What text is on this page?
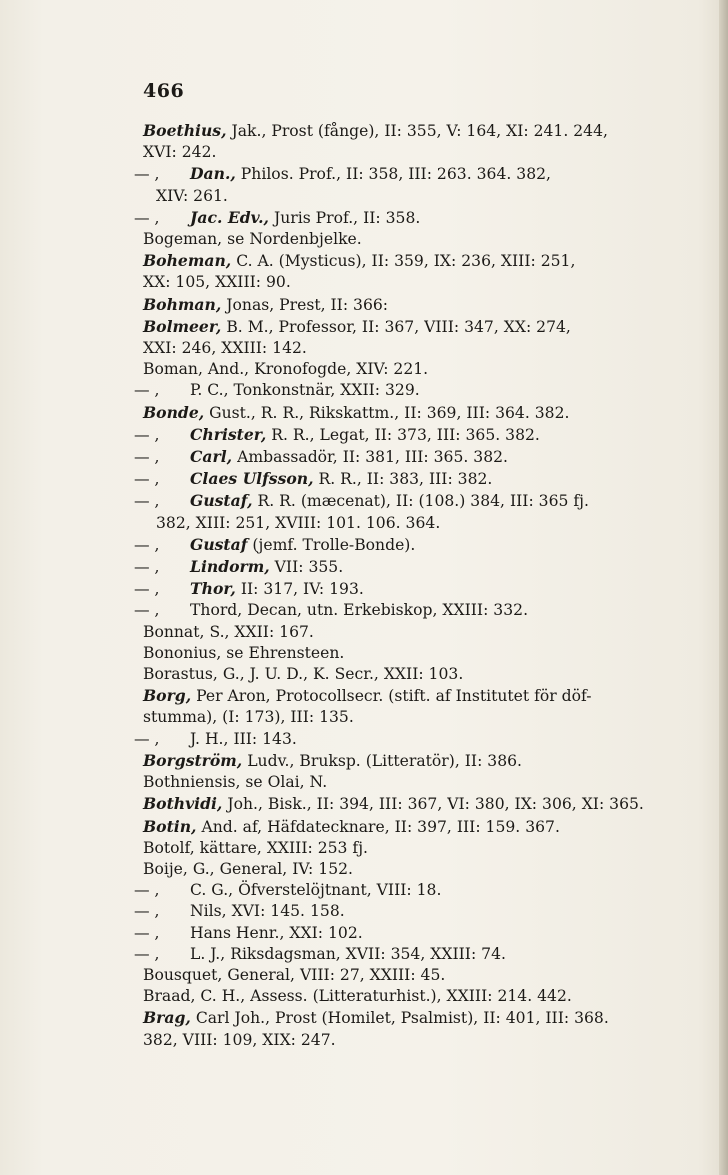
466
Boethius, Jak., Prost (fånge), II: 355, V: 164, XI: 241. 244,
XVI: 242.
— , Dan., Philos. Prof., II: 358, III: 263. 364. 382,
XIV: 261.
— , Jac. Edv., Juris Prof., II: 358.
Bogeman, se Nordenbjelke.
Boheman, C. A. (Mysticus), II: 359, IX: 236, XIII: 251,
XX: 105, XXIII: 90.
Bohman, Jonas, Prest, II: 366:
Bolmeer, B. M., Professor, II: 367, VIII: 347, XX: 274,
XXI: 246, XXIII: 142.
Boman, And., Kronofogde, XIV: 221.
— , P. C., Tonkonstnär, XXII: 329.
Bonde, Gust., R. R., Rikskattm., II: 369, III: 364. 382.
— , Christer, R. R., Legat, II: 373, III: 365. 382.
— , Carl, Ambassadör, II: 381, III: 365. 382.
— , Claes Ulfsson, R. R., II: 383, III: 382.
— , Gustaf, R. R. (mæcenat), II: (108.) 384, III: 365 fj.
382, XIII: 251, XVIII: 101. 106. 364.
— , Gustaf (jemf. Trolle-Bonde).
— , Lindorm, VII: 355.
— , Thor, II: 317, IV: 193.
— , Thord, Decan, utn. Erkebiskop, XXIII: 332.
Bonnat, S., XXII: 167.
Bononius, se Ehrensteen.
Borastus, G., J. U. D., K. Secr., XXII: 103.
Borg, Per Aron, Protocollsecr. (stift. af Institutet för döf-
stumma), (I: 173), III: 135.
— , J. H., III: 143.
Borgström, Ludv., Bruksp. (Litteratör), II: 386.
Bothniensis, se Olai, N.
Bothvidi, Joh., Bisk., II: 394, III: 367, VI: 380, IX: 306, XI: 365.
Botin, And. af, Häfdatecknare, II: 397, III: 159. 367.
Botolf, kättare, XXIII: 253 fj.
Boije, G., General, IV: 152.
— , C. G., Öfverstelöjtnant, VIII: 18.
— , Nils, XVI: 145. 158.
— , Hans Henr., XXI: 102.
— , L. J., Riksdagsman, XVII: 354, XXIII: 74.
Bousquet, General, VIII: 27, XXIII: 45.
Braad, C. H., Assess. (Litteraturhist.), XXIII: 214. 442.
Brag, Carl Joh., Prost (Homilet, Psalmist), II: 401, III: 368.
382, VIII: 109, XIX: 247.
